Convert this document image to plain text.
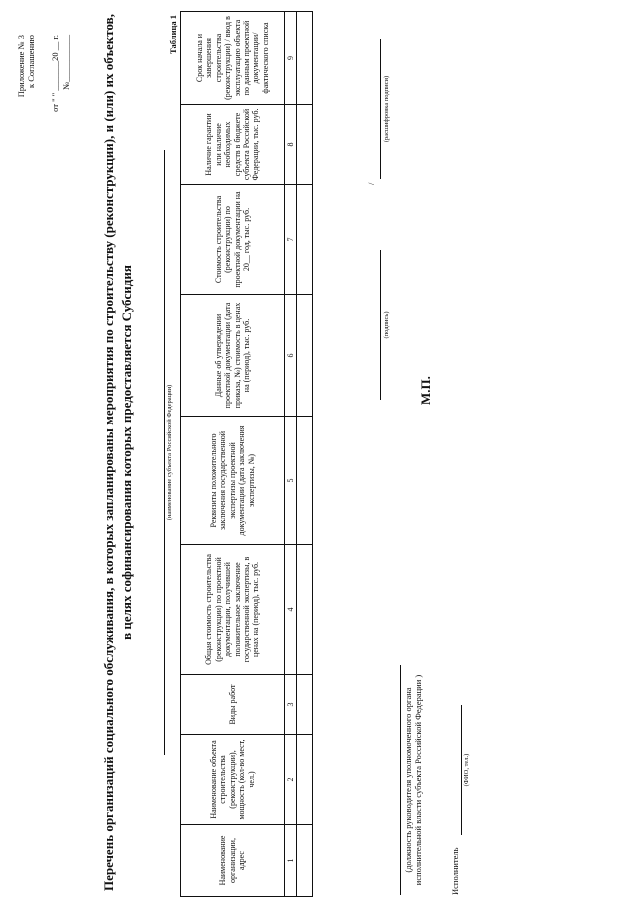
Приложение № 3 к Соглашению от " " _______20 __ г. №___________ Перечень организаций социального обслуживания, в которых запланированы мероприятия по строительству (реконструкции), и (или) их объектов, в целях софинансирования которых предоставляется Субсидия	(наименование субъекта Российской Федерации)
Таблица 1
Наименование организации, адрес	Наименование объекта строительства (реконструкции), мощность (кол-во мест, чел.)	Виды работ	Общая стоимость строительства (реконструкции) по проектной документации, получившей положительное заключение государственной экспертизы, в ценах на (период), тыс. руб.	Реквизиты положительного заключения государственной экспертизы проектной документации (дата заключения экспертизы, №)	Данные об утверждении проектной документации (дата приказа, №) стоимость в ценах на (период), тыс. руб.	Стоимость строительства (реконструкции) по проектной документации на 20__ год, тыс. руб.	Наличие гарантии или наличие необходимых средств в бюджете субъекта Российской Федерации, тыс. руб.	Срок начала и завершения строительства (реконструкции) / ввод в эксплуатацию объекта по данным проектной документации/фактического списка
1	2	3	4	5	6	7	8	9

(должность руководителя уполномоченного органа исполнительной власти субъекта Российской Федерации )
(подпись)
/
(расшифровка подписи)
М.П.
Исполнитель
(ФИО, тел.)
